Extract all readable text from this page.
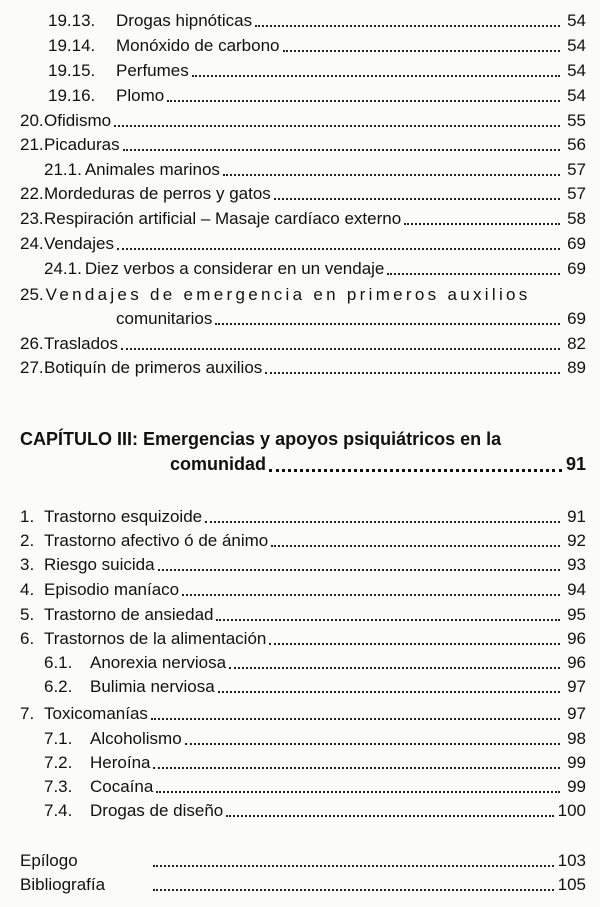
19.13.	Drogas hipnóticas	54
19.14.	Monóxido de carbono	54
19.15.	Perfumes	54
19.16.	Plomo	54
20. Ofidismo	55
21. Picaduras	56
21.1. Animales marinos	57
22. Mordeduras de perros y gatos	57
23. Respiración artificial – Masaje cardíaco externo	58
24. Vendajes	69
24.1. Diez verbos a considerar en un vendaje	69
25. Vendajes de emergencia en primeros auxilios
comunitarios	69
26. Traslados	82
27. Botiquín de primeros auxilios	89
CAPÍTULO III: Emergencias y apoyos psiquiátricos en la
comunidad	91
1. Trastorno esquizoide	91
2. Trastorno afectivo ó de ánimo	92
3. Riesgo suicida	93
4. Episodio maníaco	94
5. Trastorno de ansiedad	95
6. Trastornos de la alimentación	96
6.1.	Anorexia nerviosa	96
6.2.	Bulimia nerviosa	97
7. Toxicomanías	97
7.1.	Alcoholismo	98
7.2.	Heroína	99
7.3.	Cocaína	99
7.4.	Drogas de diseño	100
Epílogo	103
Bibliografía	105
